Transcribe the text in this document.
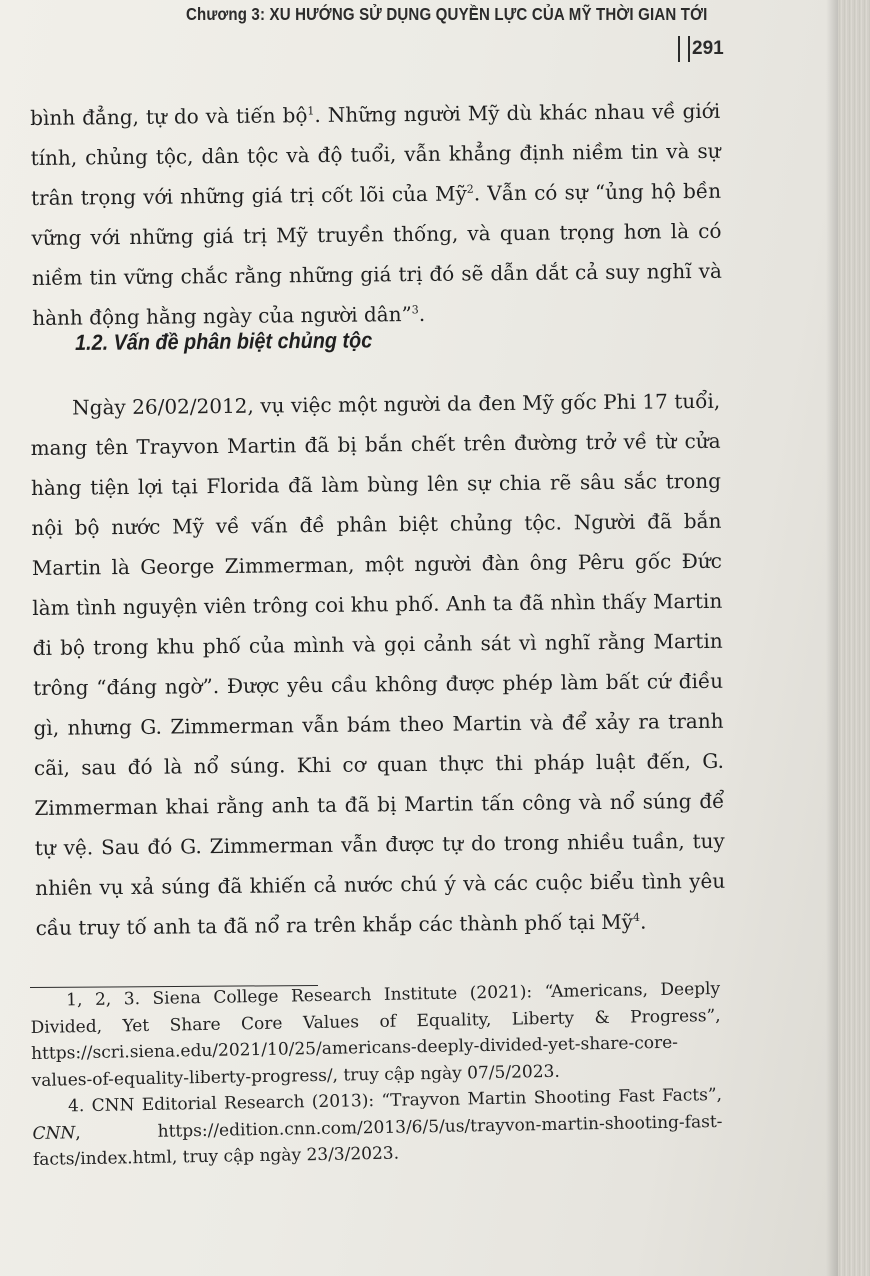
Chương 3: XU HƯỚNG SỬ DỤNG QUYỀN LỰC CỦA MỸ THỜI GIAN TỚI
291
bình đẳng, tự do và tiến bộ$^1$. Những người Mỹ dù khác nhau về giới tính, chủng tộc, dân tộc và độ tuổi, vẫn khẳng định niềm tin và sự trân trọng với những giá trị cốt lõi của Mỹ$^2$. Vẫn có sự “ủng hộ bền vững với những giá trị Mỹ truyền thống, và quan trọng hơn là có niềm tin vững chắc rằng những giá trị đó sẽ dẫn dắt cả suy nghĩ và hành động hằng ngày của người dân”$^3$.
1.2. Vấn đề phân biệt chủng tộc
Ngày 26/02/2012, vụ việc một người da đen Mỹ gốc Phi 17 tuổi, mang tên Trayvon Martin đã bị bắn chết trên đường trở về từ cửa hàng tiện lợi tại Florida đã làm bùng lên sự chia rẽ sâu sắc trong nội bộ nước Mỹ về vấn đề phân biệt chủng tộc. Người đã bắn Martin là George Zimmerman, một người đàn ông Pêru gốc Đức làm tình nguyện viên trông coi khu phố. Anh ta đã nhìn thấy Martin đi bộ trong khu phố của mình và gọi cảnh sát vì nghĩ rằng Martin trông “đáng ngờ”. Được yêu cầu không được phép làm bất cứ điều gì, nhưng G. Zimmerman vẫn bám theo Martin và để xảy ra tranh cãi, sau đó là nổ súng. Khi cơ quan thực thi pháp luật đến, G. Zimmerman khai rằng anh ta đã bị Martin tấn công và nổ súng để tự vệ. Sau đó G. Zimmerman vẫn được tự do trong nhiều tuần, tuy nhiên vụ xả súng đã khiến cả nước chú ý và các cuộc biểu tình yêu cầu truy tố anh ta đã nổ ra trên khắp các thành phố tại Mỹ$^4$.

1, 2, 3. Siena College Research Institute (2021): “Americans, Deeply Divided, Yet Share Core Values of Equality, Liberty & Progress”, https://scri.siena.edu/2021/10/25/americans-deeply-divided-yet-share-core-values-of-equality-liberty-progress/, truy cập ngày 07/5/2023.

4. CNN Editorial Research (2013): “Trayvon Martin Shooting Fast Facts”, CNN, https://edition.cnn.com/2013/6/5/us/trayvon-martin-shooting-fast-facts/index.html, truy cập ngày 23/3/2023.
